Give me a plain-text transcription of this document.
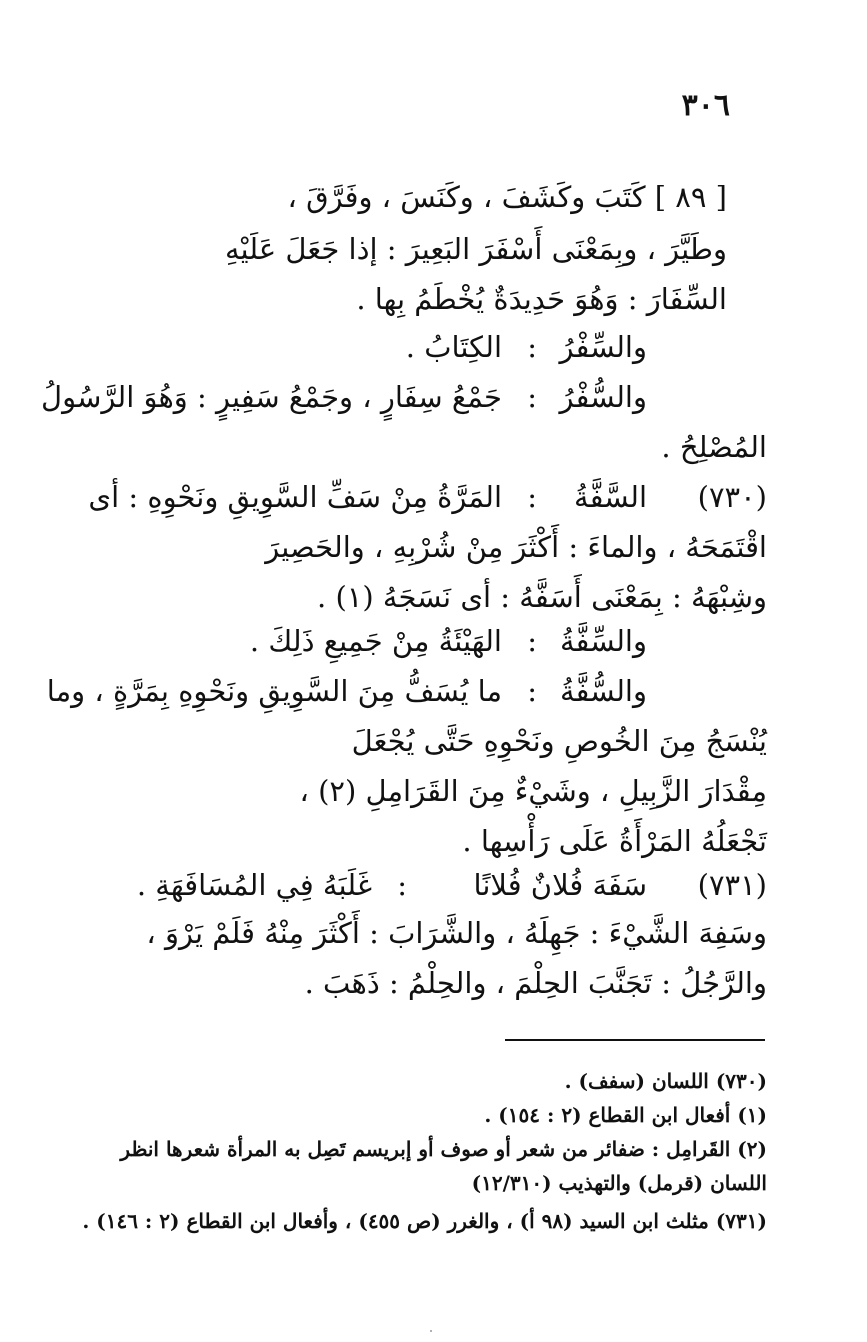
٣٠٦
[ ٨٩ ] كَتَبَ وكَشَفَ ، وكَنَسَ ، وفَرَّقَ ،
وطَيَّرَ ، وبِمَعْنَى أَسْفَرَ البَعِيرَ : إذا جَعَلَ عَلَيْهِ
السِّفَارَ : وَهُوَ حَدِيدَةٌ يُخْطَمُ بِها .
والسِّفْرُ
:
الكِتَابُ .
والسُّفْرُ
:
جَمْعُ سِفَارٍ ، وجَمْعُ سَفِيرٍ : وَهُوَ الرَّسُولُ
المُصْلِحُ .
(٧٣٠)
السَّفَّةُ
:
المَرَّةُ مِنْ سَفِّ السَّوِيقِ ونَحْوِهِ : أى
اقْتَمَحَهُ ، والماءَ : أَكْثَرَ مِنْ شُرْبِهِ ، والحَصِيرَ
وشِبْهَهُ : بِمَعْنَى أَسَفَّهُ : أى نَسَجَهُ (١) .
والسِّفَّةُ
:
الهَيْئَةُ مِنْ جَمِيعِ ذَلِكَ .
والسُّفَّةُ
:
ما يُسَفُّ مِنَ السَّوِيقِ ونَحْوِهِ بِمَرَّةٍ ، وما
يُنْسَجُ مِنَ الخُوصِ ونَحْوِهِ حَتَّى يُجْعَلَ
مِقْدَارَ الزَّبِيلِ ، وشَيْءٌ مِنَ القَرَامِلِ (٢) ،
تَجْعَلُهُ المَرْأَةُ عَلَى رَأْسِها .
(٧٣١)
سَفَهَ فُلانٌ فُلانًا
:
غَلَبَهُ فِي المُسَافَهَةِ .
وسَفِهَ الشَّيْءَ : جَهِلَهُ ، والشَّرَابَ : أَكْثَرَ مِنْهُ فَلَمْ يَرْوَ ،
والرَّجُلُ : تَجَنَّبَ الحِلْمَ ، والحِلْمُ : ذَهَبَ .
(٧٣٠) اللسان (سفف) .
(١) أفعال ابن القطاع (٢ : ١٥٤) .
(٢) القَرامِل : ضفائر من شعر أو صوف أو إبريسم تَصِل به المرأة شعرها انظر
اللسان (قرمل) والتهذيب (١٢/٣١٠)
(٧٣١) مثلث ابن السيد (٩٨ أ) ، والغرر (ص ٤٥٥) ، وأفعال ابن القطاع (٢ : ١٤٦) .
